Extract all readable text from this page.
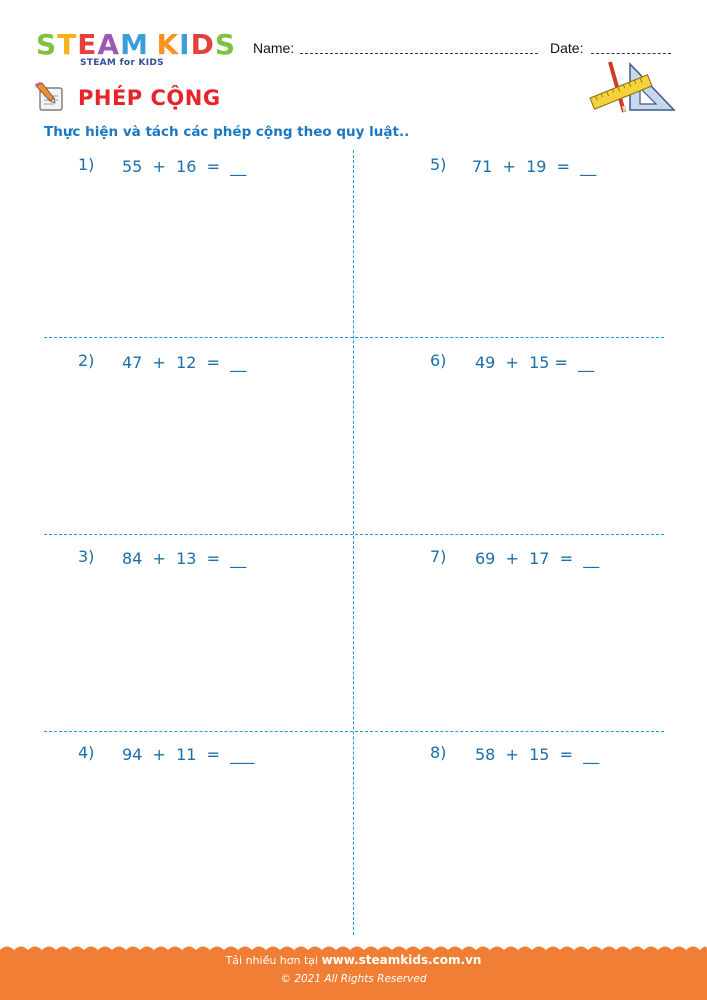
S T E A M K I D S
STEAM for KIDS
Name:	Date:
PHÉP CỘNG
Thực hiện và tách các phép cộng theo quy luật..
1) 55  +  16  =  __
2) 47  +  12  =  __
3) 84  +  13  =  __
4) 94  +  11  =  ___
5) 71  +  19  =  __
6) 49  +  15 =  __
7) 69  +  17  =  __
8) 58  +  15  =  __
Tải nhiều hơn tại www.steamkids.com.vn
© 2021 All Rights Reserved
